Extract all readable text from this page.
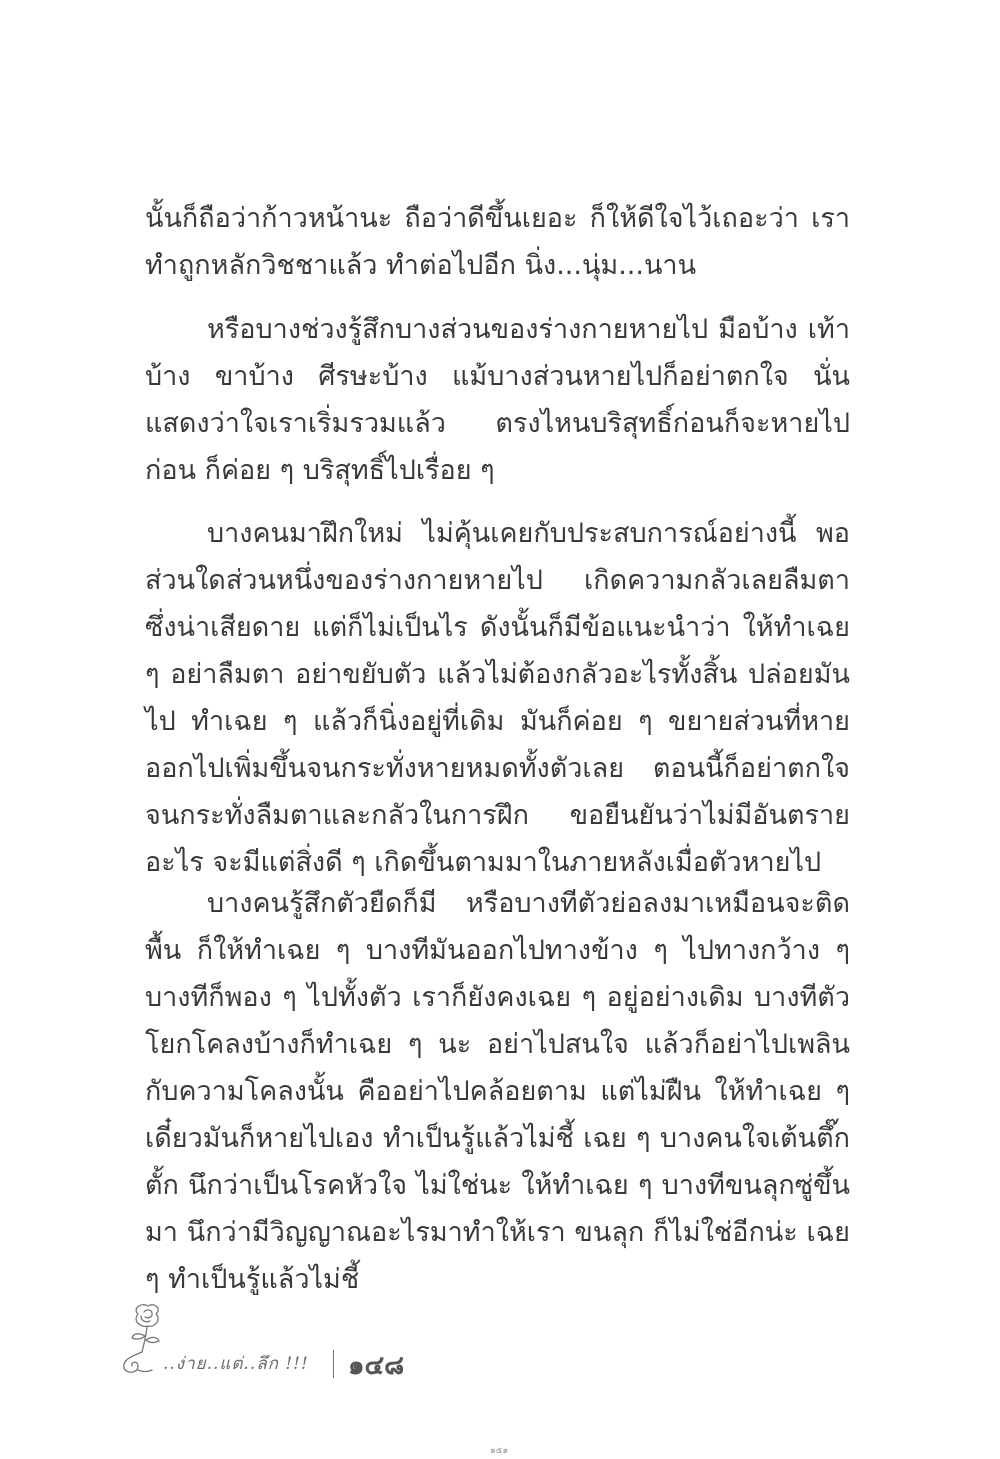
นั้นก็ถือว่าก้าวหน้านะ ถือว่าดีขึ้นเยอะ ก็ให้ดีใจไว้เถอะว่า เราทำถูกหลักวิชชาแล้ว ทำต่อไปอีก นิ่ง...นุ่ม...นาน

หรือบางช่วงรู้สึกบางส่วนของร่างกายหายไป มือบ้าง เท้าบ้าง ขาบ้าง ศีรษะบ้าง แม้บางส่วนหายไปก็อย่าตกใจ นั่นแสดงว่าใจเราเริ่มรวมแล้ว ตรงไหนบริสุทธิ์ก่อนก็จะหายไปก่อน ก็ค่อย ๆ บริสุทธิ์ไปเรื่อย ๆ

บางคนมาฝึกใหม่ ไม่คุ้นเคยกับประสบการณ์อย่างนี้ พอส่วนใดส่วนหนึ่งของร่างกายหายไป เกิดความกลัวเลยลืมตา ซึ่งน่าเสียดาย แต่ก็ไม่เป็นไร ดังนั้นก็มีข้อแนะนำว่า ให้ทำเฉย ๆ อย่าลืมตา อย่าขยับตัว แล้วไม่ต้องกลัวอะไรทั้งสิ้น ปล่อยมันไป ทำเฉย ๆ แล้วก็นิ่งอยู่ที่เดิม มันก็ค่อย ๆ ขยายส่วนที่หายออกไปเพิ่มขึ้นจนกระทั่งหายหมดทั้งตัวเลย ตอนนี้ก็อย่าตกใจจนกระทั่งลืมตาและกลัวในการฝึก ขอยืนยันว่าไม่มีอันตรายอะไร จะมีแต่สิ่งดี ๆ เกิดขึ้นตามมาในภายหลังเมื่อตัวหายไป

บางคนรู้สึกตัวยืดก็มี หรือบางทีตัวย่อลงมาเหมือนจะติดพื้น ก็ให้ทำเฉย ๆ บางทีมันออกไปทางข้าง ๆ ไปทางกว้าง ๆ บางทีก็พอง ๆ ไปทั้งตัว เราก็ยังคงเฉย ๆ อยู่อย่างเดิม บางทีตัวโยกโคลงบ้างก็ทำเฉย ๆ นะ อย่าไปสนใจ แล้วก็อย่าไปเพลินกับความโคลงนั้น คืออย่าไปคล้อยตาม แต่ไม่ฝืน ให้ทำเฉย ๆ เดี๋ยวมันก็หายไปเอง ทำเป็นรู้แล้วไม่ชี้ เฉย ๆ บางคนใจเต้นตึ๊กตั้ก นึกว่าเป็นโรคหัวใจ ไม่ใช่นะ ให้ทำเฉย ๆ บางทีขนลุกซู่ขึ้นมา นึกว่ามีวิญญาณอะไรมาทำให้เรา ขนลุก ก็ไม่ใช่อีกน่ะ เฉย ๆ ทำเป็นรู้แล้วไม่ชี้

..ง่าย..แต่..ลึก !!! ๑๔๘
๑๕๑
